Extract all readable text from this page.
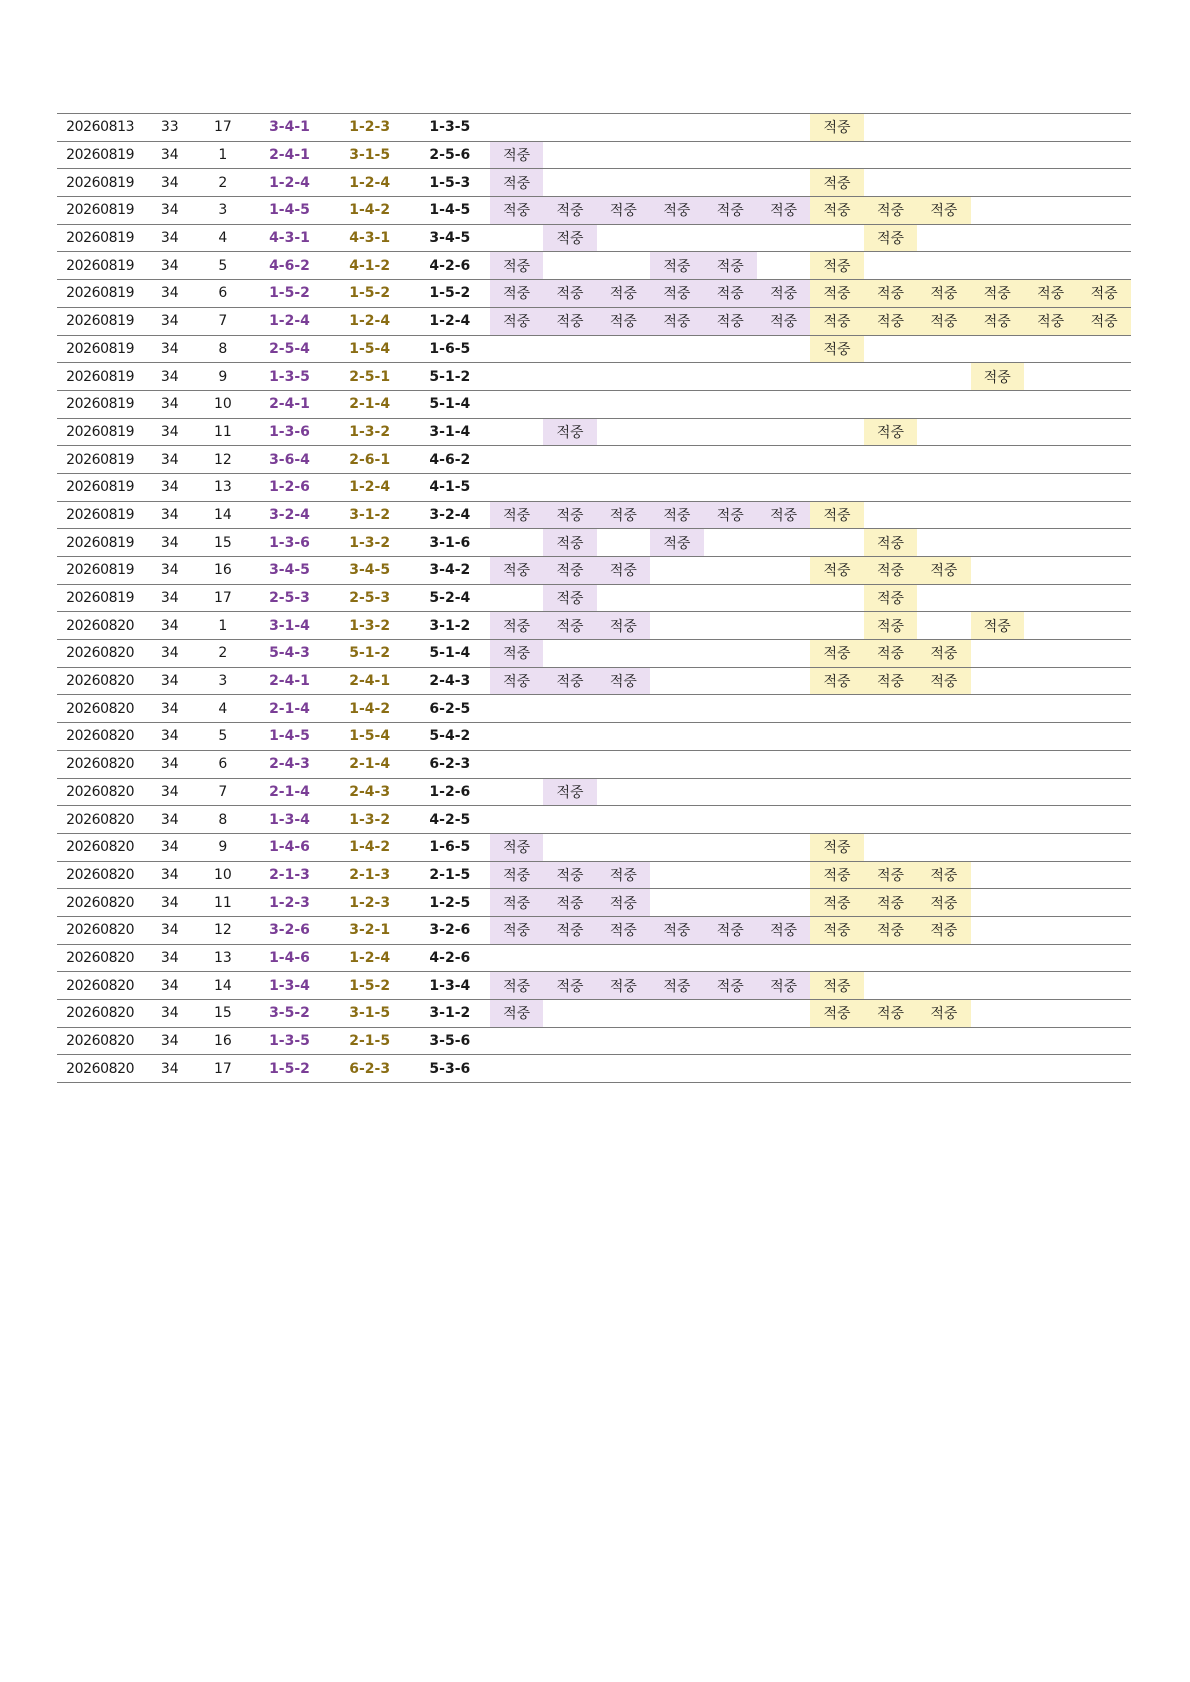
20260813	33	17	3-4-1	1-2-3	1-3-5							적중					
20260819	34	1	2-4-1	3-1-5	2-5-6	적중											
20260819	34	2	1-2-4	1-2-4	1-5-3	적중						적중					
20260819	34	3	1-4-5	1-4-2	1-4-5	적중	적중	적중	적중	적중	적중	적중	적중	적중			
20260819	34	4	4-3-1	4-3-1	3-4-5		적중						적중				
20260819	34	5	4-6-2	4-1-2	4-2-6	적중			적중	적중		적중					
20260819	34	6	1-5-2	1-5-2	1-5-2	적중	적중	적중	적중	적중	적중	적중	적중	적중	적중	적중	적중
20260819	34	7	1-2-4	1-2-4	1-2-4	적중	적중	적중	적중	적중	적중	적중	적중	적중	적중	적중	적중
20260819	34	8	2-5-4	1-5-4	1-6-5							적중					
20260819	34	9	1-3-5	2-5-1	5-1-2										적중		
20260819	34	10	2-4-1	2-1-4	5-1-4												
20260819	34	11	1-3-6	1-3-2	3-1-4		적중						적중				
20260819	34	12	3-6-4	2-6-1	4-6-2												
20260819	34	13	1-2-6	1-2-4	4-1-5												
20260819	34	14	3-2-4	3-1-2	3-2-4	적중	적중	적중	적중	적중	적중	적중					
20260819	34	15	1-3-6	1-3-2	3-1-6		적중		적중				적중				
20260819	34	16	3-4-5	3-4-5	3-4-2	적중	적중	적중				적중	적중	적중			
20260819	34	17	2-5-3	2-5-3	5-2-4		적중						적중				
20260820	34	1	3-1-4	1-3-2	3-1-2	적중	적중	적중					적중		적중		
20260820	34	2	5-4-3	5-1-2	5-1-4	적중						적중	적중	적중			
20260820	34	3	2-4-1	2-4-1	2-4-3	적중	적중	적중				적중	적중	적중			
20260820	34	4	2-1-4	1-4-2	6-2-5												
20260820	34	5	1-4-5	1-5-4	5-4-2												
20260820	34	6	2-4-3	2-1-4	6-2-3												
20260820	34	7	2-1-4	2-4-3	1-2-6		적중										
20260820	34	8	1-3-4	1-3-2	4-2-5												
20260820	34	9	1-4-6	1-4-2	1-6-5	적중						적중					
20260820	34	10	2-1-3	2-1-3	2-1-5	적중	적중	적중				적중	적중	적중			
20260820	34	11	1-2-3	1-2-3	1-2-5	적중	적중	적중				적중	적중	적중			
20260820	34	12	3-2-6	3-2-1	3-2-6	적중	적중	적중	적중	적중	적중	적중	적중	적중			
20260820	34	13	1-4-6	1-2-4	4-2-6												
20260820	34	14	1-3-4	1-5-2	1-3-4	적중	적중	적중	적중	적중	적중	적중					
20260820	34	15	3-5-2	3-1-5	3-1-2	적중						적중	적중	적중			
20260820	34	16	1-3-5	2-1-5	3-5-6												
20260820	34	17	1-5-2	6-2-3	5-3-6												
